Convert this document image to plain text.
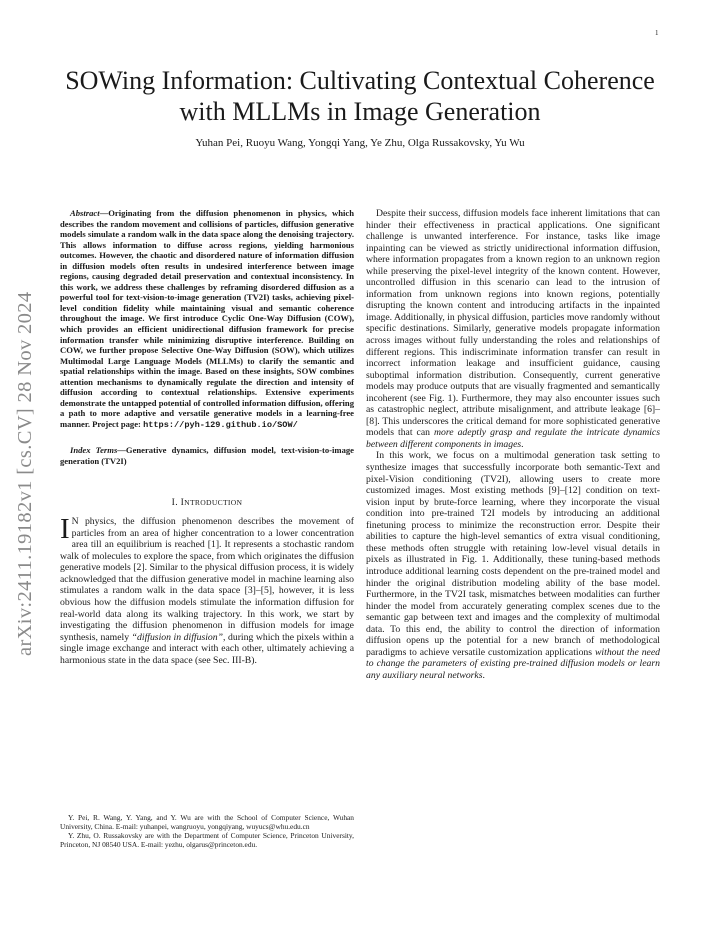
1
arXiv:2411.19182v1 [cs.CV] 28 Nov 2024
SOWing Information: Cultivating Contextual Coherence with MLLMs in Image Generation
Yuhan Pei, Ruoyu Wang, Yongqi Yang, Ye Zhu, Olga Russakovsky, Yu Wu

Abstract—Originating from the diffusion phenomenon in physics, which describes the random movement and collisions of particles, diffusion generative models simulate a random walk in the data space along the denoising trajectory. This allows information to diffuse across regions, yielding harmonious outcomes. However, the chaotic and disordered nature of information diffusion in diffusion models often results in undesired interference between image regions, causing degraded detail preservation and contextual inconsistency. In this work, we address these challenges by reframing disordered diffusion as a powerful tool for text-vision-to-image generation (TV2I) tasks, achieving pixel-level condition fidelity while maintaining visual and semantic coherence throughout the image. We first introduce Cyclic One-Way Diffusion (COW), which provides an efficient unidirectional diffusion framework for precise information transfer while minimizing disruptive interference. Building on COW, we further propose Selective One-Way Diffusion (SOW), which utilizes Multimodal Large Language Models (MLLMs) to clarify the semantic and spatial relationships within the image. Based on these insights, SOW combines attention mechanisms to dynamically regulate the direction and intensity of diffusion according to contextual relationships. Extensive experiments demonstrate the untapped potential of controlled information diffusion, offering a path to more adaptive and versatile generative models in a learning-free manner. Project page: https://pyh-129.github.io/SOW/

Index Terms—Generative dynamics, diffusion model, text-vision-to-image generation (TV2I)

I. INTRODUCTION

I N physics, the diffusion phenomenon describes the movement of particles from an area of higher concentration to a lower concentration area till an equilibrium is reached [1]. It represents a stochastic random walk of molecules to explore the space, from which originates the diffusion generative models [2]. Similar to the physical diffusion process, it is widely acknowledged that the diffusion generative model in machine learning also stimulates a random walk in the data space [3]–[5], however, it is less obvious how the diffusion models stimulate the information diffusion for real-world data along its walking trajectory. In this work, we start by investigating the diffusion phenomenon in diffusion models for image synthesis, namely “diffusion in diffusion”, during which the pixels within a single image exchange and interact with each other, ultimately achieving a harmonious state in the data space (see Sec. III-B).

Y. Pei, R. Wang, Y. Yang, and Y. Wu are with the School of Computer Science, Wuhan University, China. E-mail: yuhanpei, wangruoyu, yongqiyang, wuyucs@whu.edu.cn

Y. Zhu, O. Russakovsky are with the Department of Computer Science, Princeton University, Princeton, NJ 08540 USA. E-mail: yezhu, olgarus@princeton.edu.

Despite their success, diffusion models face inherent limitations that can hinder their effectiveness in practical applications. One significant challenge is unwanted interference. For instance, tasks like image inpainting can be viewed as strictly unidirectional information diffusion, where information propagates from a known region to an unknown region while preserving the pixel-level integrity of the known content. However, uncontrolled diffusion in this scenario can lead to the intrusion of information from unknown regions into known regions, potentially disrupting the known content and introducing artifacts in the inpainted image. Additionally, in physical diffusion, particles move randomly without specific destinations. Similarly, generative models propagate information across images without fully understanding the roles and relationships of different regions. This indiscriminate information transfer can result in incorrect information leakage and insufficient guidance, causing suboptimal information distribution. Consequently, current generative models may produce outputs that are visually fragmented and semantically incoherent (see Fig. 1). Furthermore, they may also encounter issues such as catastrophic neglect, attribute misalignment, and attribute leakage [6]–[8]. This underscores the critical demand for more sophisticated generative models that can more adeptly grasp and regulate the intricate dynamics between different components in images.

In this work, we focus on a multimodal generation task setting to synthesize images that successfully incorporate both semantic-Text and pixel-Vision conditioning (TV2I), allowing users to create more customized images. Most existing methods [9]–[12] condition on text-vision input by brute-force learning, where they incorporate the visual condition into pre-trained T2I models by introducing an additional finetuning process to minimize the reconstruction error. Despite their abilities to capture the high-level semantics of extra visual conditioning, these methods often struggle with retaining low-level visual details in pixels as illustrated in Fig. 1. Additionally, these tuning-based methods introduce additional learning costs dependent on the pre-trained model and hinder the original distribution modeling ability of the base model. Furthermore, in the TV2I task, mismatches between modalities can further hinder the model from accurately generating complex scenes due to the semantic gap between text and images and the complexity of multimodal data. To this end, the ability to control the direction of information diffusion opens up the potential for a new branch of methodological paradigms to achieve versatile customization applications without the need to change the parameters of existing pre-trained diffusion models or learn any auxiliary neural networks.
